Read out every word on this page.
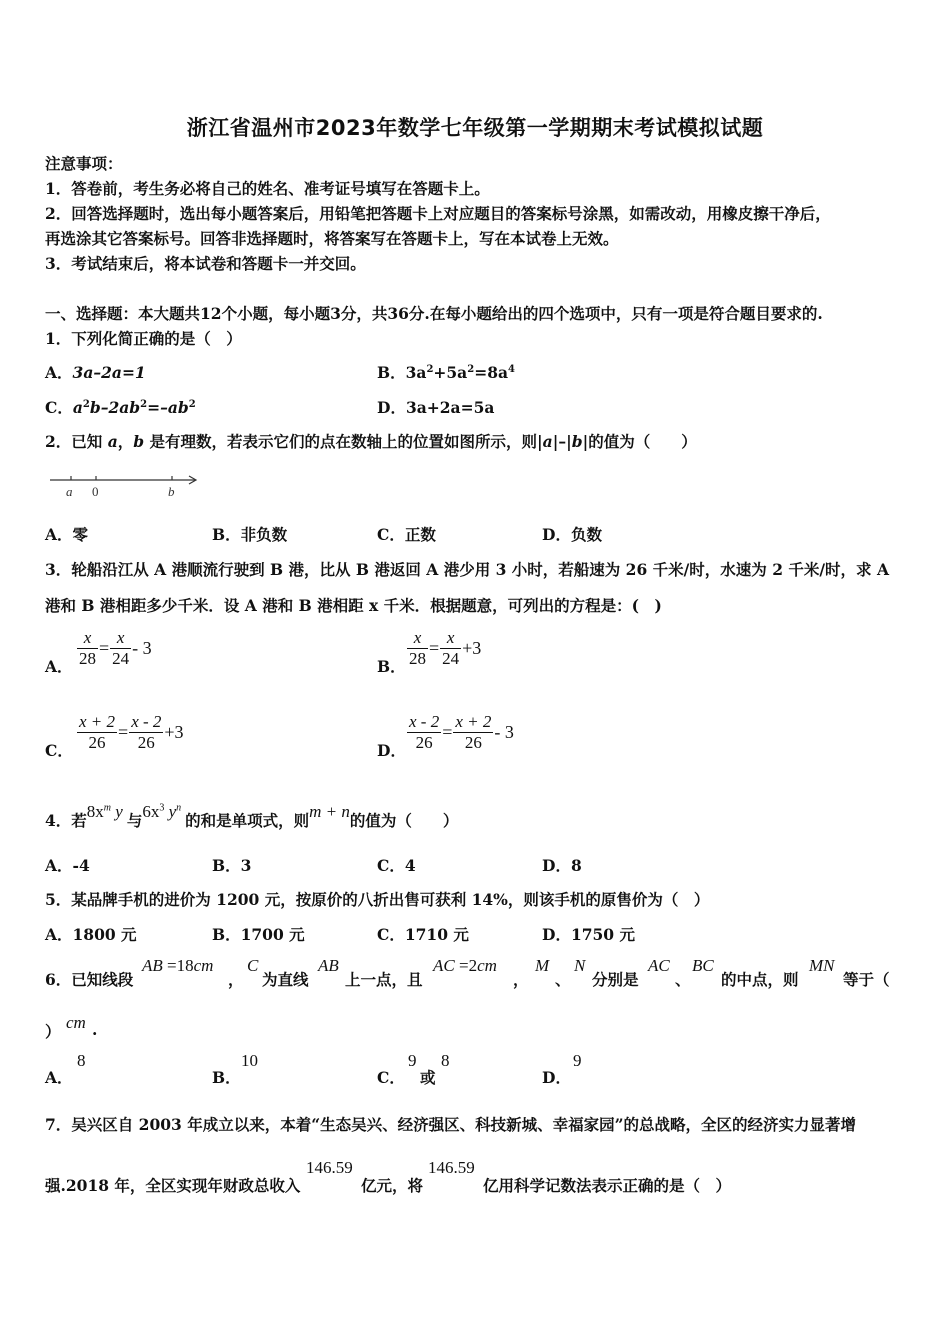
浙江省温州市2023年数学七年级第一学期期末考试模拟试题
注意事项：
1．答卷前，考生务必将自己的姓名、准考证号填写在答题卡上。
2．回答选择题时，选出每小题答案后，用铅笔把答题卡上对应题目的答案标号涂黑，如需改动，用橡皮擦干净后，
再选涂其它答案标号。回答非选择题时，将答案写在答题卡上，写在本试卷上无效。
3．考试结束后，将本试卷和答题卡一并交回。
一、选择题：本大题共12个小题，每小题3分，共36分.在每小题给出的四个选项中，只有一项是符合题目要求的.
1．下列化简正确的是（　）
A．3a–2a=1	B．$3a^2+5a^2=8a^4$
C．$a^2b-2ab^2=-ab^2$	D．3a+2a=5a
2．已知 a，b 是有理数，若表示它们的点在数轴上的位置如图所示，则|a|–|b|的值为（　　）
a 0	b
A．零	B．非负数	C．正数	D．负数
3．轮船沿江从 A 港顺流行驶到 B 港，比从 B 港返回 A 港少用 3 小时，若船速为 26 千米/时，水速为 2 千米/时，求 A
港和 B 港相距多少千米．设 A 港和 B 港相距 x 千米．根据题意，可列出的方程是：(　)
A． $\frac{x}{28} = \frac{x}{24} - 3$
B． $\frac{x}{28} = \frac{x}{24} +3$
C． $\frac{x + 2}{26} = \frac{x - 2}{26} +3$
D． $\frac{x - 2}{26} = \frac{x + 2}{26} - 3$
4．若$8x^m$ y 与$6x^3$ $y^n$的和是单项式，则m + n的值为（　　）
A．-4	B．3	C．4	D．8
5．某品牌手机的进价为 1200 元，按原价的八折出售可获利 14%，则该手机的原售价为（　）
A．1800 元	B．1700 元	C．1710 元	D．1750 元
6．已知线段
AB =18cm
，
C
为直线
AB
上一点，且
AC =2cm
，
M
、
N
分别是
AC
、
BC
的中点，则
MN
等于（
） cm .
A．
8
B．
10
C．
9
或
8
D．
9
7．吴兴区自 2003 年成立以来，本着“生态吴兴、经济强区、科技新城、幸福家园”的总战略，全区的经济实力显著增
强.2018 年，全区实现年财政总收入
146.59
亿元，将
146.59
亿用科学记数法表示正确的是（　）
